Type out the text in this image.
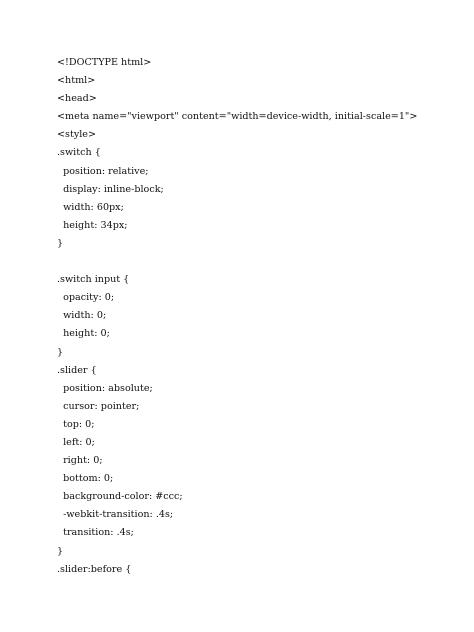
<!DOCTYPE html>
<html>
<head>
<meta name="viewport" content="width=device-width, initial-scale=1">
<style>
.switch {
position: relative;
display: inline-block;
width: 60px;
height: 34px;
}
.switch input {
opacity: 0;
width: 0;
height: 0;
}
.slider {
position: absolute;
cursor: pointer;
top: 0;
left: 0;
right: 0;
bottom: 0;
background-color: #ccc;
-webkit-transition: .4s;
transition: .4s;
}
.slider:before {
